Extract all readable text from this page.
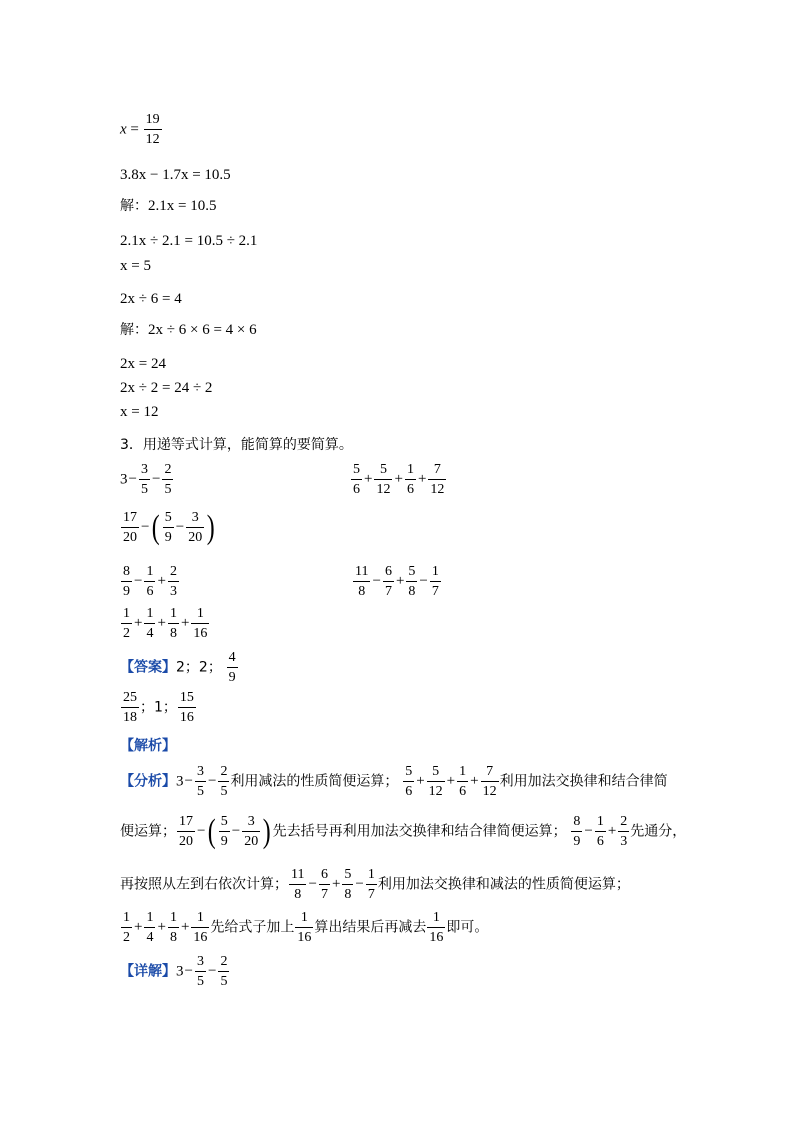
$x = \frac{19}{12}$
3.8x − 1.7x = 10.5
解：2.1x = 10.5
2.1x ÷ 2.1 = 10.5 ÷ 2.1
x = 5
2x ÷ 6 = 4
解：2x ÷ 6 × 6 = 4 × 6
2x = 24
2x ÷ 2 = 24 ÷ 2
x = 12
3．用递等式计算，能简算的要简算。
$3- \frac{3}{5} - \frac{2}{5}$	$\frac{5}{6} + \frac{5}{12} + \frac{1}{6} + \frac{7}{12}$
$\frac{17}{20}$ −( $\frac{5}{9} - \frac{3}{20}$ )
$\frac{8}{9} - \frac{1}{6} + \frac{2}{3}$	$\frac{11}{8} - \frac{6}{7} + \frac{5}{8} - \frac{1}{7}$
$\frac{1}{2} + \frac{1}{4} + \frac{1}{8} + \frac{1}{16}$
【答案】2；2； $\frac{4}{9}$
$\frac{25}{18}$ ；1； $\frac{15}{16}$
【解析】
【分析】$3- \frac{3}{5} - \frac{2}{5}$ 利用减法的性质简便运算； $\frac{5}{6} + \frac{5}{12} + \frac{1}{6} + \frac{7}{12}$ 利用加法交换律和结合律简
便运算； $\frac{17}{20}$ −( $\frac{5}{9} - \frac{3}{20}$ ) 先去括号再利用加法交换律和结合律简便运算； $\frac{8}{9} - \frac{1}{6} + \frac{2}{3}$ 先通分，
再按照从左到右依次计算； $\frac{11}{8} - \frac{6}{7} + \frac{5}{8} - \frac{1}{7}$ 利用加法交换律和减法的性质简便运算；
$\frac{1}{2} + \frac{1}{4} + \frac{1}{8} + \frac{1}{16}$ 先给式子加上 $\frac{1}{16}$ 算出结果后再减去 $\frac{1}{16}$ 即可。
【详解】$3- \frac{3}{5} - \frac{2}{5}$
